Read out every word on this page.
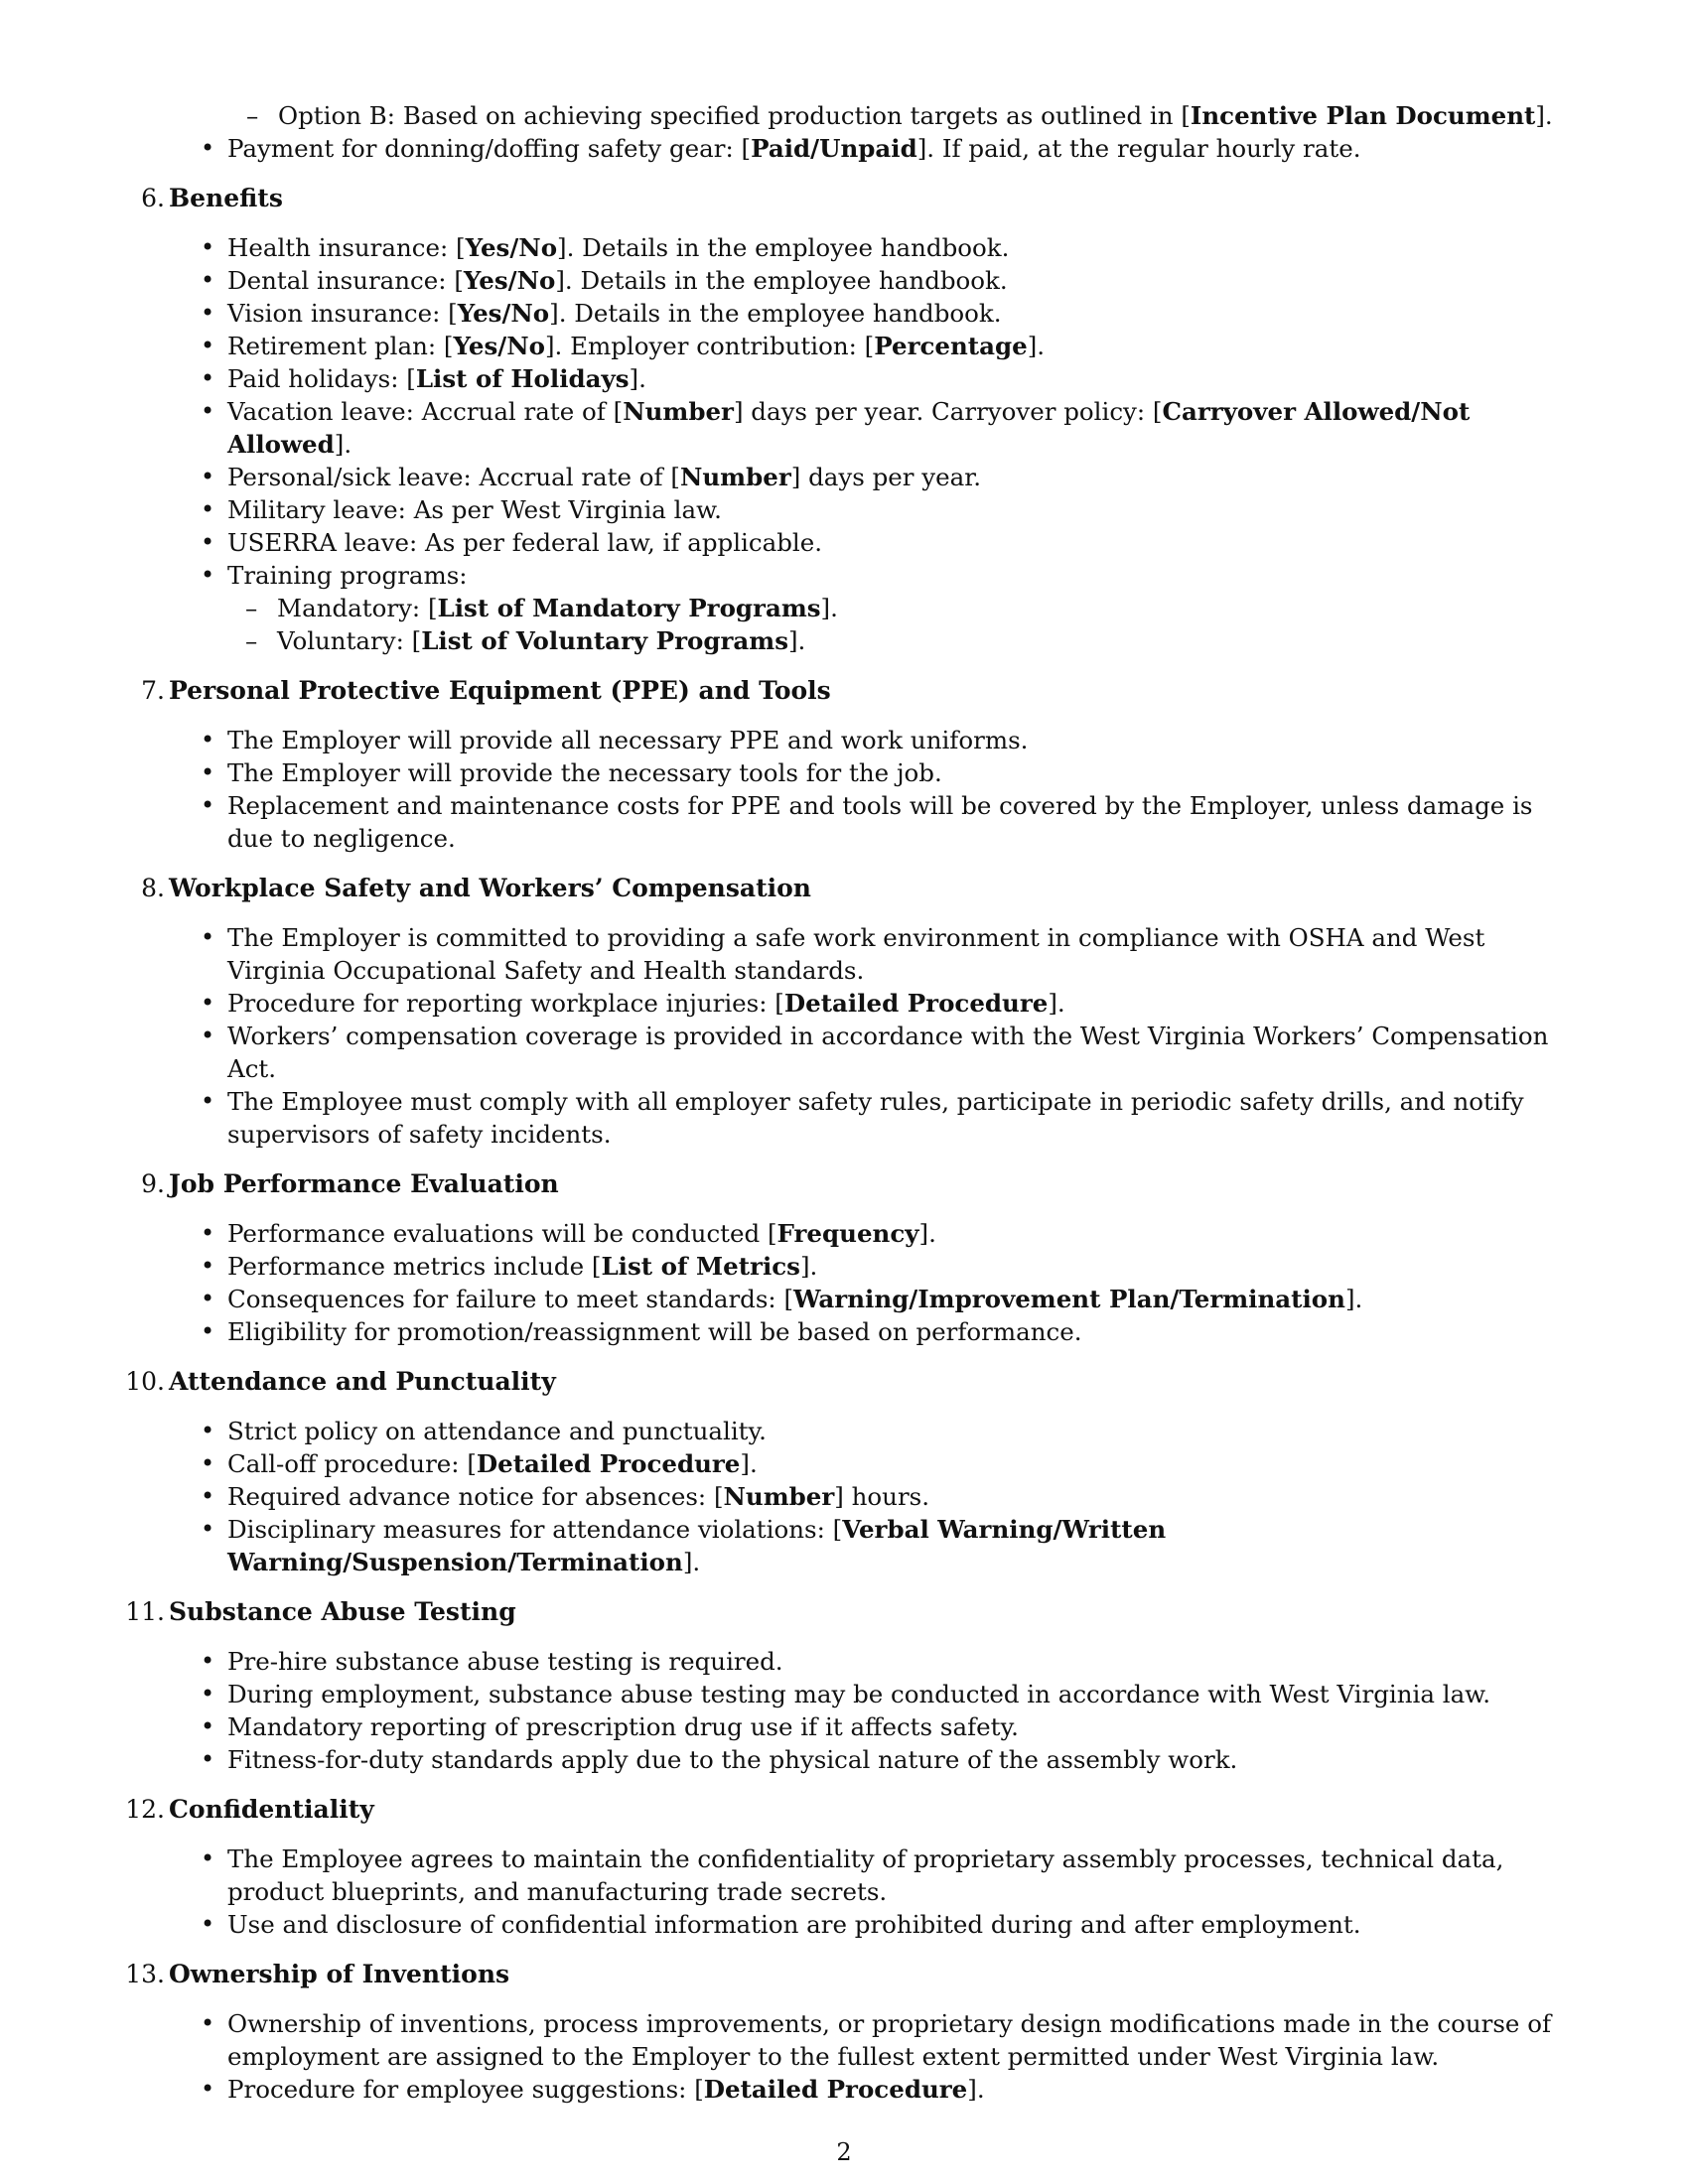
– Option B: Based on achieving specified production targets as outlined in [Incentive Plan Document].
• Payment for donning/doffing safety gear: [Paid/Unpaid]. If paid, at the regular hourly rate.
6 . Benefits
• Health insurance: [Yes/No]. Details in the employee handbook.
• Dental insurance: [Yes/No]. Details in the employee handbook.
• Vision insurance: [Yes/No]. Details in the employee handbook.
• Retirement plan: [Yes/No]. Employer contribution: [Percentage].
• Paid holidays: [List of Holidays].
• Vacation leave: Accrual rate of [Number] days per year. Carryover policy: [Carryover Allowed/Not Allowed].
• Personal/sick leave: Accrual rate of [Number] days per year.
• Military leave: As per West Virginia law.
• USERRA leave: As per federal law, if applicable.
• Training programs:
– Mandatory: [List of Mandatory Programs].
– Voluntary: [List of Voluntary Programs].
7 . Personal Protective Equipment (PPE) and Tools
• The Employer will provide all necessary PPE and work uniforms.
• The Employer will provide the necessary tools for the job.
• Replacement and maintenance costs for PPE and tools will be covered by the Employer, unless damage is due to negligence.
8 . Workplace Safety and Workers’ Compensation
• The Employer is committed to providing a safe work environment in compliance with OSHA and West Virginia Occupational Safety and Health standards.
• Procedure for reporting workplace injuries: [Detailed Procedure].
• Workers’ compensation coverage is provided in accordance with the West Virginia Workers’ Compensation Act.
• The Employee must comply with all employer safety rules, participate in periodic safety drills, and notify supervisors of safety incidents.
9 . Job Performance Evaluation
• Performance evaluations will be conducted [Frequency].
• Performance metrics include [List of Metrics].
• Consequences for failure to meet standards: [Warning/Improvement Plan/Termination].
• Eligibility for promotion/reassignment will be based on performance.
10 . Attendance and Punctuality
• Strict policy on attendance and punctuality.
• Call-off procedure: [Detailed Procedure].
• Required advance notice for absences: [Number] hours.
• Disciplinary measures for attendance violations: [Verbal Warning/Written Warning/Suspension/Termination].
11 . Substance Abuse Testing
• Pre-hire substance abuse testing is required.
• During employment, substance abuse testing may be conducted in accordance with West Virginia law.
• Mandatory reporting of prescription drug use if it affects safety.
• Fitness-for-duty standards apply due to the physical nature of the assembly work.
12 . Confidentiality
• The Employee agrees to maintain the confidentiality of proprietary assembly processes, technical data, product blueprints, and manufacturing trade secrets.
• Use and disclosure of confidential information are prohibited during and after employment.
13 . Ownership of Inventions
• Ownership of inventions, process improvements, or proprietary design modifications made in the course of employment are assigned to the Employer to the fullest extent permitted under West Virginia law.
• Procedure for employee suggestions: [Detailed Procedure].
2
